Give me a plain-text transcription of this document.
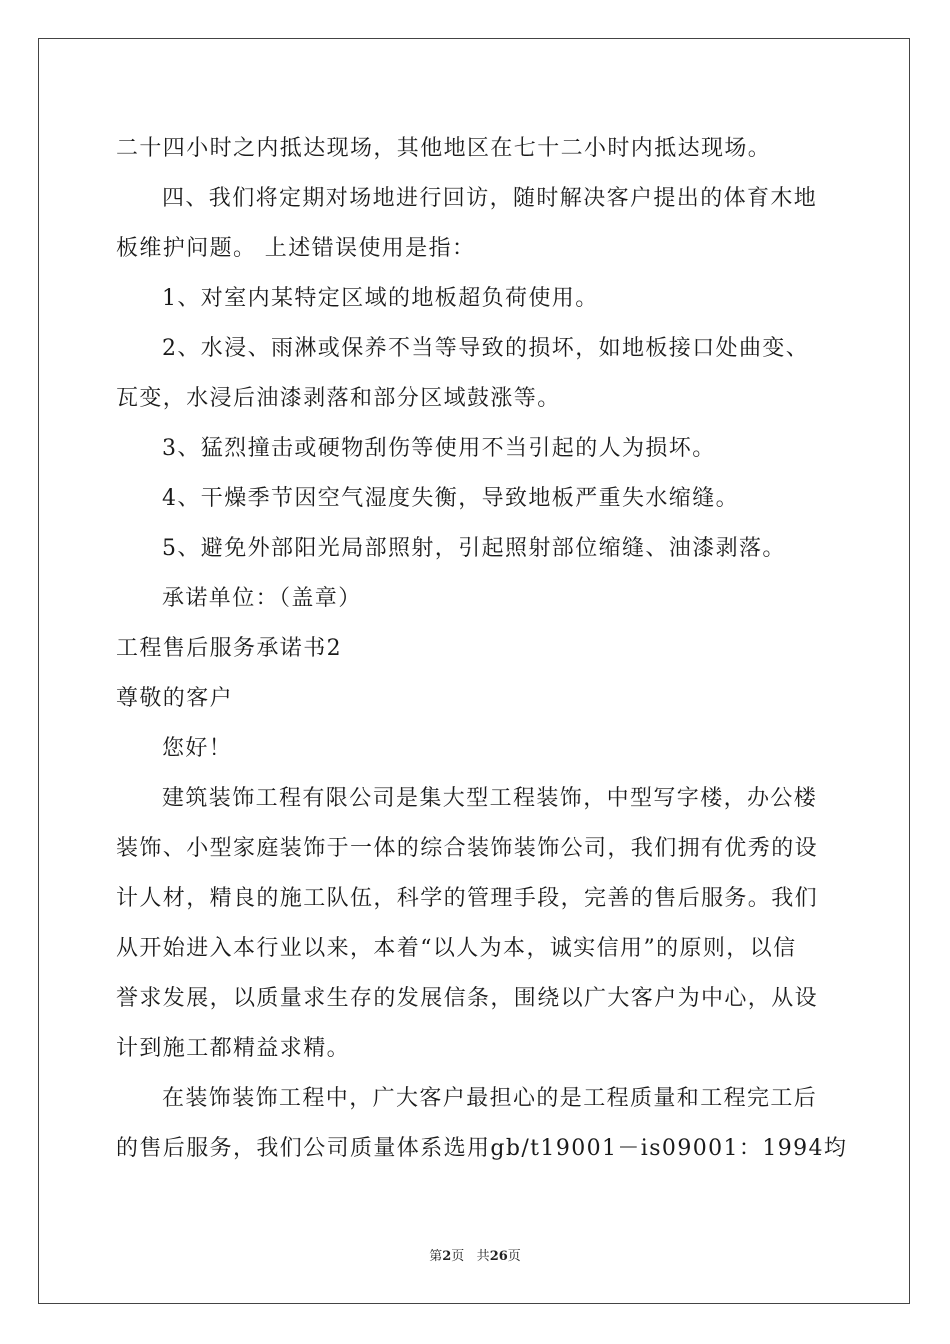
二十四小时之内抵达现场，其他地区在七十二小时内抵达现场。
四、我们将定期对场地进行回访，随时解决客户提出的体育木地
板维护问题。 上述错误使用是指：
1、对室内某特定区域的地板超负荷使用。
2、水浸、雨淋或保养不当等导致的损坏，如地板接口处曲变、
瓦变，水浸后油漆剥落和部分区域鼓涨等。
3、猛烈撞击或硬物刮伤等使用不当引起的人为损坏。
4、干燥季节因空气湿度失衡，导致地板严重失水缩缝。
5、避免外部阳光局部照射，引起照射部位缩缝、油漆剥落。
承诺单位：（盖章）
工程售后服务承诺书2
尊敬的客户
您好！
建筑装饰工程有限公司是集大型工程装饰，中型写字楼，办公楼
装饰、小型家庭装饰于一体的综合装饰装饰公司，我们拥有优秀的设
计人材，精良的施工队伍，科学的管理手段，完善的售后服务。我们
从开始进入本行业以来，本着“以人为本，诚实信用”的原则，以信
誉求发展，以质量求生存的发展信条，围绕以广大客户为中心，从设
计到施工都精益求精。
在装饰装饰工程中，广大客户最担心的是工程质量和工程完工后
的售后服务，我们公司质量体系选用gb/t19001－is09001：1994均
第2页 共26页
